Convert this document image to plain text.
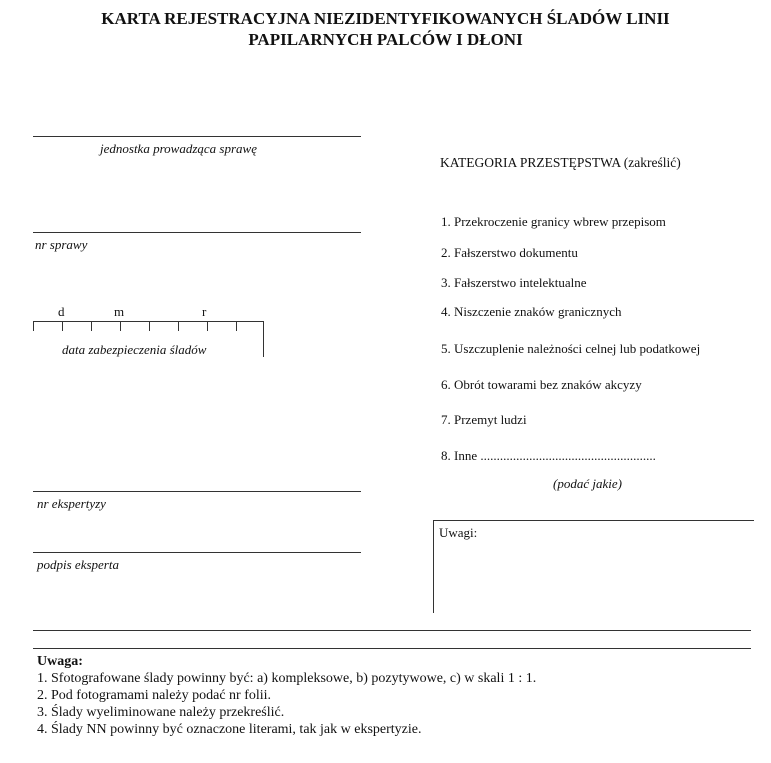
KARTA REJESTRACYJNA NIEZIDENTYFIKOWANYCH ŚLADÓW LINII
PAPILARNYCH PALCÓW I DŁONI
jednostka prowadząca sprawę
nr sprawy
d	m	r
data zabezpieczenia śladów
nr ekspertyzy
podpis eksperta
KATEGORIA PRZESTĘPSTWA (zakreślić)
1. Przekroczenie granicy wbrew przepisom
2. Fałszerstwo dokumentu
3. Fałszerstwo intelektualne
4. Niszczenie znaków granicznych
5. Uszczuplenie należności celnej lub podatkowej
6. Obrót towarami bez znaków akcyzy
7. Przemyt ludzi
8. Inne ......................................................
(podać jakie)
Uwagi:
Uwaga:
1. Sfotografowane ślady powinny być: a) kompleksowe, b) pozytywowe, c) w skali 1 : 1.
2. Pod fotogramami należy podać nr folii.
3. Ślady wyeliminowane należy przekreślić.
4. Ślady NN powinny być oznaczone literami, tak jak w ekspertyzie.
